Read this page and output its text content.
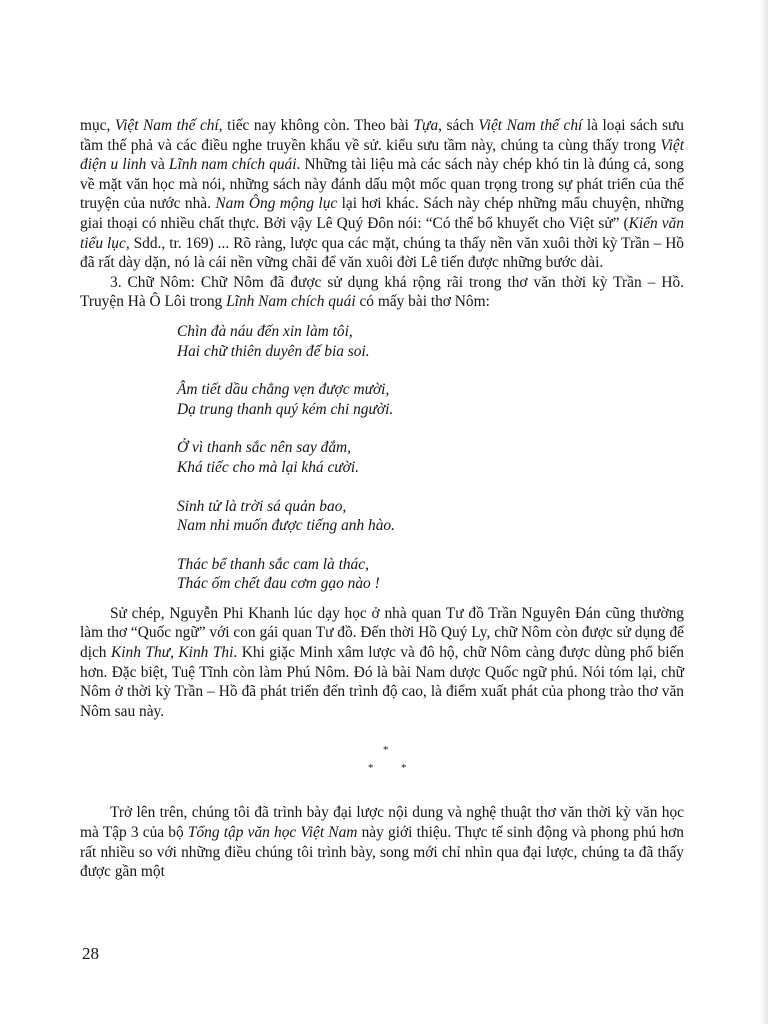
mục, Việt Nam thế chí, tiếc nay không còn. Theo bài Tựa, sách Việt Nam thế chí là loại sách sưu tầm thế phả và các điều nghe truyền khẩu về sử. kiểu sưu tầm này, chúng ta cùng thấy trong Việt điện u linh và Lĩnh nam chích quái. Những tài liệu mà các sách này chép khó tin là đúng cả, song về mặt văn học mà nói, những sách này đánh dấu một mốc quan trọng trong sự phát triển của thể truyện của nước nhà. Nam Ông mộng lục lại hơi khác. Sách này chép những mẩu chuyện, những giai thoại có nhiều chất thực. Bởi vậy Lê Quý Đôn nói: “Có thể bổ khuyết cho Việt sử” (Kiến văn tiểu lục, Sdd., tr. 169) ... Rõ ràng, lược qua các mặt, chúng ta thấy nền văn xuôi thời kỳ Trần – Hồ đã rất dày dặn, nó là cái nền vững chãi để văn xuôi đời Lê tiến được những bước dài.

3. Chữ Nôm: Chữ Nôm đã được sử dụng khá rộng rãi trong thơ văn thời kỳ Trần – Hồ. Truyện Hà Ô Lôi trong Lĩnh Nam chích quái có mấy bài thơ Nôm:

Chìn đà náu đến xin làm tôi,
Hai chữ thiên duyên đế bia soi.
Âm tiết dầu chẳng vẹn được mười,
Dạ trung thanh quý kém chi người.
Ở vì thanh sắc nên say đắm,
Khá tiếc cho mà lại khá cười.
Sinh tử là trời sá quản bao,
Nam nhi muốn được tiếng anh hào.
Thác bể thanh sắc cam là thác,
Thác ốm chết đau cơm gạo nào !

Sử chép, Nguyễn Phi Khanh lúc dạy học ở nhà quan Tư đồ Trần Nguyên Đán cũng thường làm thơ “Quốc ngữ” với con gái quan Tư đồ. Đến thời Hồ Quý Ly, chữ Nôm còn được sử dụng để dịch Kinh Thư, Kinh Thi. Khi giặc Minh xâm lược và đô hộ, chữ Nôm càng được dùng phổ biến hơn. Đặc biệt, Tuệ Tĩnh còn làm Phú Nôm. Đó là bài Nam dược Quốc ngữ phú. Nói tóm lại, chữ Nôm ở thời kỳ Trần – Hồ đã phát triển đến trình độ cao, là điểm xuất phát của phong trào thơ văn Nôm sau này.

*
*	*

Trở lên trên, chúng tôi đã trình bày đại lược nội dung và nghệ thuật thơ văn thời kỳ văn học mà Tập 3 của bộ Tổng tập văn học Việt Nam này giới thiệu. Thực tế sinh động và phong phú hơn rất nhiều so với những điều chúng tôi trình bày, song mới chỉ nhìn qua đại lược, chúng ta đã thấy được gần một

28
